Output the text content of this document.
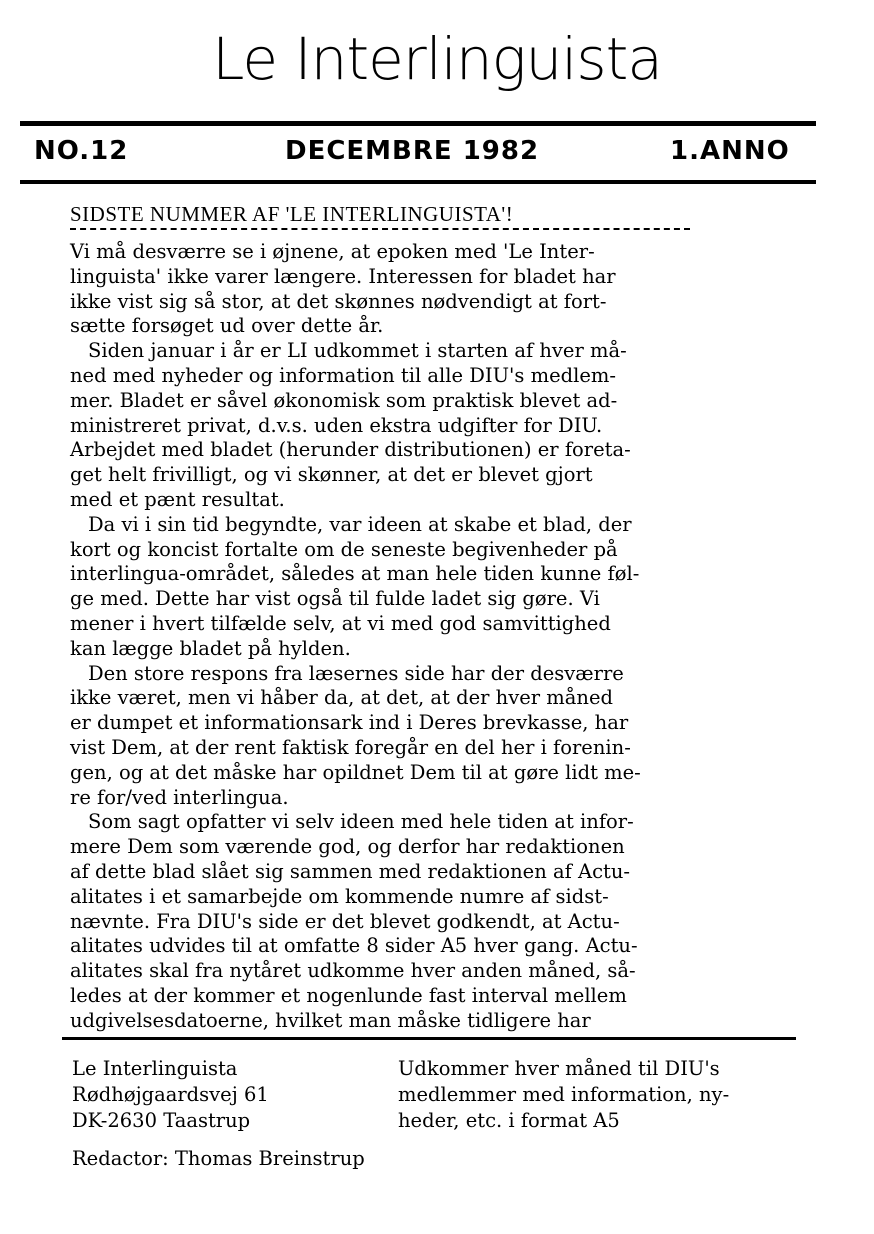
Le Interlinguista
NO.12	DECEMBRE 1982	1.ANNO
SIDSTE NUMMER AF 'LE INTERLINGUISTA'!
Vi må desværre se i øjnene, at epoken med 'Le Inter-
linguista' ikke varer længere. Interessen for bladet har
ikke vist sig så stor, at det skønnes nødvendigt at fort-
sætte forsøget ud over dette år.
Siden januar i år er LI udkommet i starten af hver må-
ned med nyheder og information til alle DIU's medlem-
mer. Bladet er såvel økonomisk som praktisk blevet ad-
ministreret privat, d.v.s. uden ekstra udgifter for DIU.
Arbejdet med bladet (herunder distributionen) er foreta-
get helt frivilligt, og vi skønner, at det er blevet gjort
med et pænt resultat.
Da vi i sin tid begyndte, var ideen at skabe et blad, der
kort og koncist fortalte om de seneste begivenheder på
interlingua-området, således at man hele tiden kunne føl-
ge med. Dette har vist også til fulde ladet sig gøre. Vi
mener i hvert tilfælde selv, at vi med god samvittighed
kan lægge bladet på hylden.
Den store respons fra læsernes side har der desværre
ikke været, men vi håber da, at det, at der hver måned
er dumpet et informationsark ind i Deres brevkasse, har
vist Dem, at der rent faktisk foregår en del her i forenin-
gen, og at det måske har opildnet Dem til at gøre lidt me-
re for/ved interlingua.
Som sagt opfatter vi selv ideen med hele tiden at infor-
mere Dem som værende god, og derfor har redaktionen
af dette blad slået sig sammen med redaktionen af Actu-
alitates i et samarbejde om kommende numre af sidst-
nævnte. Fra DIU's side er det blevet godkendt, at Actu-
alitates udvides til at omfatte 8 sider A5 hver gang. Actu-
alitates skal fra nytåret udkomme hver anden måned, så-
ledes at der kommer et nogenlunde fast interval mellem
udgivelsesdatoerne, hvilket man måske tidligere har
Le Interlinguista
Rødhøjgaardsvej 61
DK-2630 Taastrup
Udkommer hver måned til DIU's
medlemmer med information, ny-
heder, etc. i format A5
Redactor: Thomas Breinstrup
